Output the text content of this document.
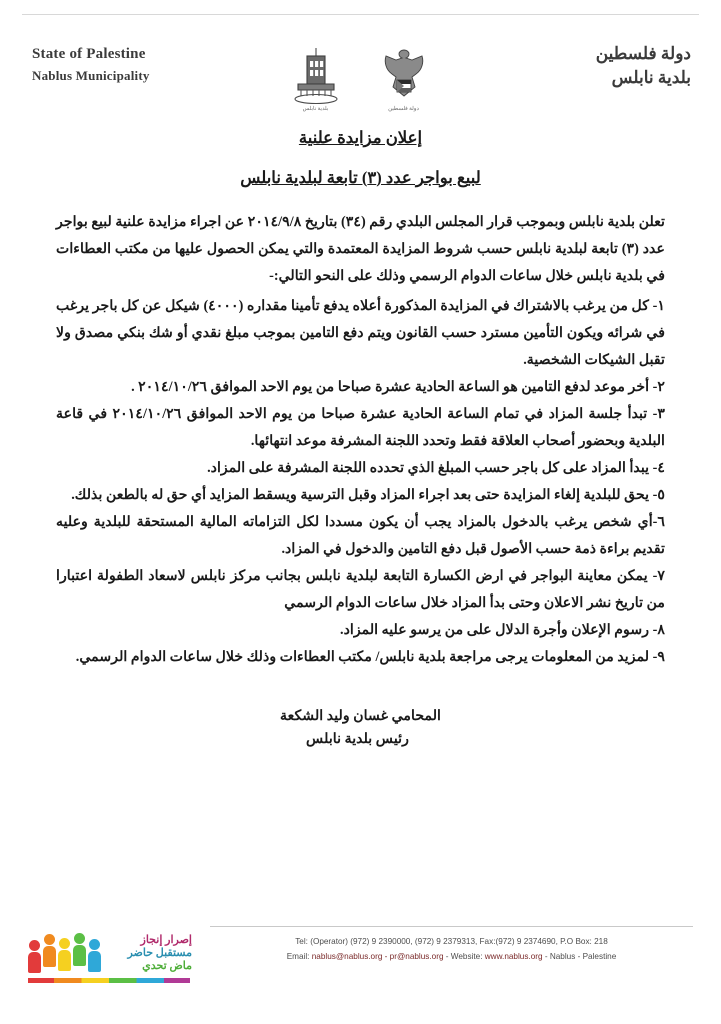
State of Palestine
Nablus Municipality
بلدية نابلس	دولة فلسطين
دولة فلسطين
بلدية نابلس
إعلان مزايدة علنية
لبيع بواجر عدد (٣) تابعة لبلدية نابلس

تعلن بلدية نابلس وبموجب قرار المجلس البلدي رقم (٣٤) بتاريخ ٢٠١٤/٩/٨ عن اجراء مزايدة علنية لبيع بواجر عدد (٣) تابعة لبلدية نابلس حسب شروط المزايدة المعتمدة والتي يمكن الحصول عليها من مكتب العطاءات في بلدية نابلس خلال ساعات الدوام الرسمي وذلك على النحو التالي:-

١- كل من يرغب بالاشتراك في المزايدة المذكورة أعلاه يدفع تأمينا مقداره (٤٠٠٠) شيكل عن كل باجر يرغب في شرائه ويكون التأمين مسترد حسب القانون ويتم دفع التامين بموجب مبلغ نقدي أو شك بنكي مصدق ولا تقبل الشيكات الشخصية.

٢- أخر موعد لدفع التامين هو الساعة الحادية عشرة صباحا من يوم الاحد الموافق ٢٠١٤/١٠/٢٦ .

٣- تبدأ جلسة المزاد في تمام الساعة الحادية عشرة صباحا من يوم الاحد الموافق ٢٠١٤/١٠/٢٦ في قاعة البلدية وبحضور أصحاب العلاقة فقط وتحدد اللجنة المشرفة موعد انتهائها.

٤- يبدأ المزاد على كل باجر حسب المبلغ الذي تحدده اللجنة المشرفة على المزاد.

٥- يحق للبلدية إلغاء المزايدة حتى بعد اجراء المزاد وقبل الترسية ويسقط المزايد أي حق له بالطعن بذلك.

٦-أي شخص يرغب بالدخول بالمزاد يجب أن يكون مسددا لكل التزاماته المالية المستحقة للبلدية وعليه تقديم براءة ذمة حسب الأصول قبل دفع التامين والدخول في المزاد.

٧- يمكن معاينة البواجر في ارض الكسارة التابعة لبلدية نابلس بجانب مركز نابلس لاسعاد الطفولة اعتبارا من تاريخ نشر الاعلان وحتى بدأ المزاد خلال ساعات الدوام الرسمي

٨- رسوم الإعلان وأجرة الدلال على من يرسو عليه المزاد.

٩- لمزيد من المعلومات يرجى مراجعة بلدية نابلس/ مكتب العطاءات وذلك خلال ساعات الدوام الرسمي.

المحامي غسان وليد الشكعة
رئيس بلدية نابلس
Tel: (Operator) (972) 9 2390000, (972) 9 2379313, Fax:(972) 9 2374690, P.O Box: 218
Email: nablus@nablus.org - pr@nablus.org - Website: www.nablus.org - Nablus - Palestine
إصرار إنجاز
مستقبل حاضر
ماض تحدي
